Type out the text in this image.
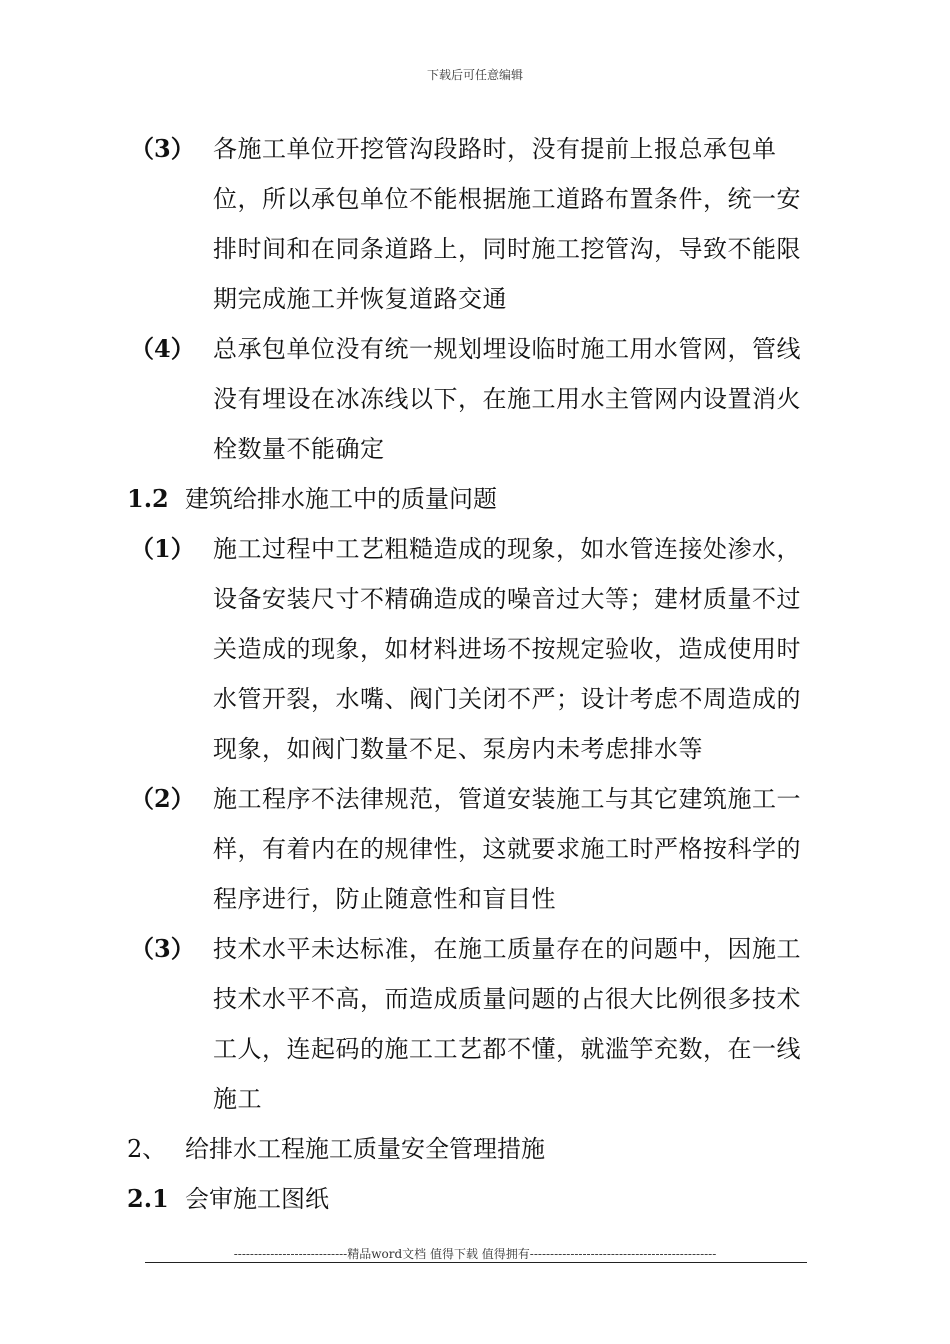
下载后可任意编辑
（3） 各施工单位开挖管沟段路时，没有提前上报总承包单位，所以承包单位不能根据施工道路布置条件，统一安排时间和在同条道路上，同时施工挖管沟，导致不能限期完成施工并恢复道路交通
（4） 总承包单位没有统一规划埋设临时施工用水管网，管线没有埋设在冰冻线以下，在施工用水主管网内设置消火栓数量不能确定
1.2 建筑给排水施工中的质量问题
（1） 施工过程中工艺粗糙造成的现象，如水管连接处渗水，设备安装尺寸不精确造成的噪音过大等；建材质量不过关造成的现象，如材料进场不按规定验收，造成使用时水管开裂，水嘴、阀门关闭不严；设计考虑不周造成的现象，如阀门数量不足、泵房内未考虑排水等
（2） 施工程序不法律规范，管道安装施工与其它建筑施工一样，有着内在的规律性，这就要求施工时严格按科学的程序进行，防止随意性和盲目性
（3） 技术水平未达标准，在施工质量存在的问题中，因施工技术水平不高，而造成质量问题的占很大比例很多技术工人，连起码的施工工艺都不懂，就滥竽充数，在一线施工
2、 给排水工程施工质量安全管理措施
2.1 会审施工图纸
----------------------------精品word文档 值得下载 值得拥有----------------------------------------------
